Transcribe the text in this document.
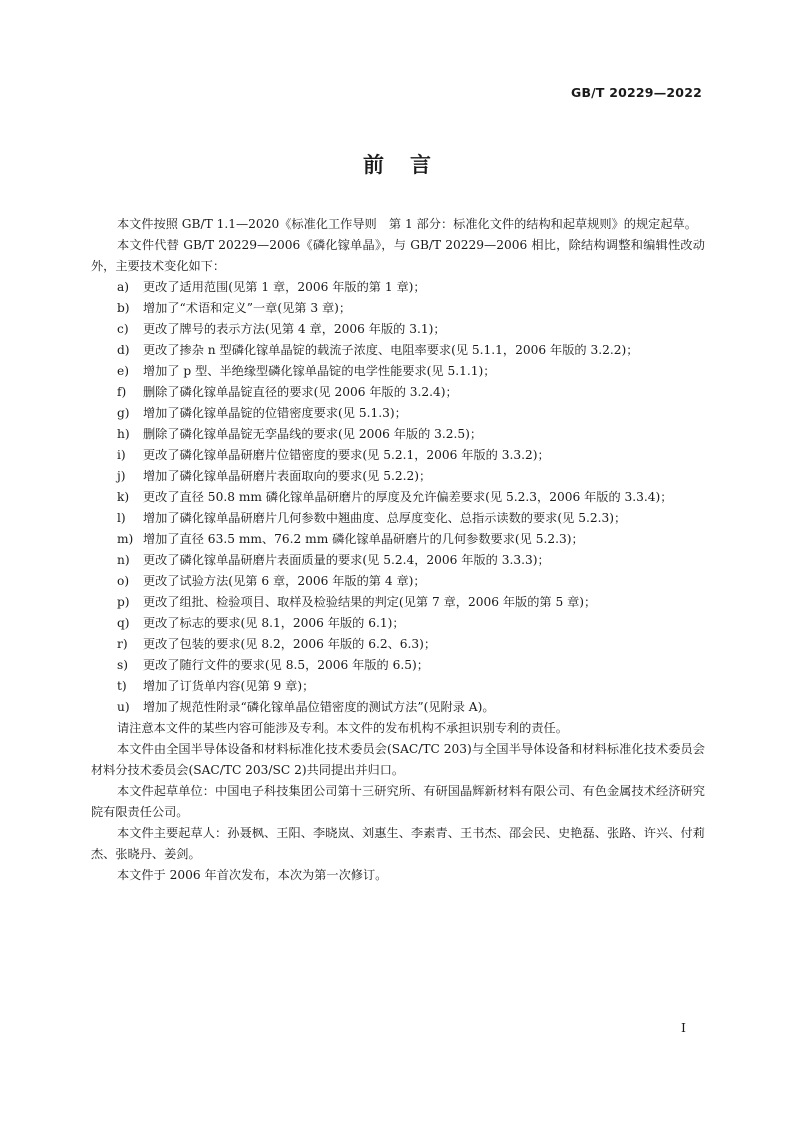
GB/T 20229—2022

前言

本文件按照 GB/T 1.1—2020《标准化工作导则　第 1 部分：标准化文件的结构和起草规则》的规定起草。

本文件代替 GB/T 20229—2006《磷化镓单晶》，与 GB/T 20229—2006 相比，除结构调整和编辑性改动外，主要技术变化如下：

a)	更改了适用范围(见第 1 章，2006 年版的第 1 章)；
b)	增加了“术语和定义”一章(见第 3 章)；
c)	更改了牌号的表示方法(见第 4 章，2006 年版的 3.1)；
d)	更改了掺杂 n 型磷化镓单晶锭的载流子浓度、电阻率要求(见 5.1.1，2006 年版的 3.2.2)；
e)	增加了 p 型、半绝缘型磷化镓单晶锭的电学性能要求(见 5.1.1)；
f)	删除了磷化镓单晶锭直径的要求(见 2006 年版的 3.2.4)；
g)	增加了磷化镓单晶锭的位错密度要求(见 5.1.3)；
h)	删除了磷化镓单晶锭无孪晶线的要求(见 2006 年版的 3.2.5)；
i)	更改了磷化镓单晶研磨片位错密度的要求(见 5.2.1，2006 年版的 3.3.2)；
j)	增加了磷化镓单晶研磨片表面取向的要求(见 5.2.2)；
k)	更改了直径 50.8 mm 磷化镓单晶研磨片的厚度及允许偏差要求(见 5.2.3，2006 年版的 3.3.4)；
l)	增加了磷化镓单晶研磨片几何参数中翘曲度、总厚度变化、总指示读数的要求(见 5.2.3)；
m) 增加了直径 63.5 mm、76.2 mm 磷化镓单晶研磨片的几何参数要求(见 5.2.3)；
n)	更改了磷化镓单晶研磨片表面质量的要求(见 5.2.4，2006 年版的 3.3.3)；
o)	更改了试验方法(见第 6 章，2006 年版的第 4 章)；
p)	更改了组批、检验项目、取样及检验结果的判定(见第 7 章，2006 年版的第 5 章)；
q)	更改了标志的要求(见 8.1，2006 年版的 6.1)；
r)	更改了包装的要求(见 8.2，2006 年版的 6.2、6.3)；
s)	更改了随行文件的要求(见 8.5，2006 年版的 6.5)；
t)	增加了订货单内容(见第 9 章)；
u)	增加了规范性附录“磷化镓单晶位错密度的测试方法”(见附录 A)。

请注意本文件的某些内容可能涉及专利。本文件的发布机构不承担识别专利的责任。

本文件由全国半导体设备和材料标准化技术委员会(SAC/TC 203)与全国半导体设备和材料标准化技术委员会材料分技术委员会(SAC/TC 203/SC 2)共同提出并归口。

本文件起草单位：中国电子科技集团公司第十三研究所、有研国晶辉新材料有限公司、有色金属技术经济研究院有限责任公司。

本文件主要起草人：孙聂枫、王阳、李晓岚、刘惠生、李素青、王书杰、邵会民、史艳磊、张路、许兴、付莉杰、张晓丹、姜剑。

本文件于 2006 年首次发布，本次为第一次修订。

I
